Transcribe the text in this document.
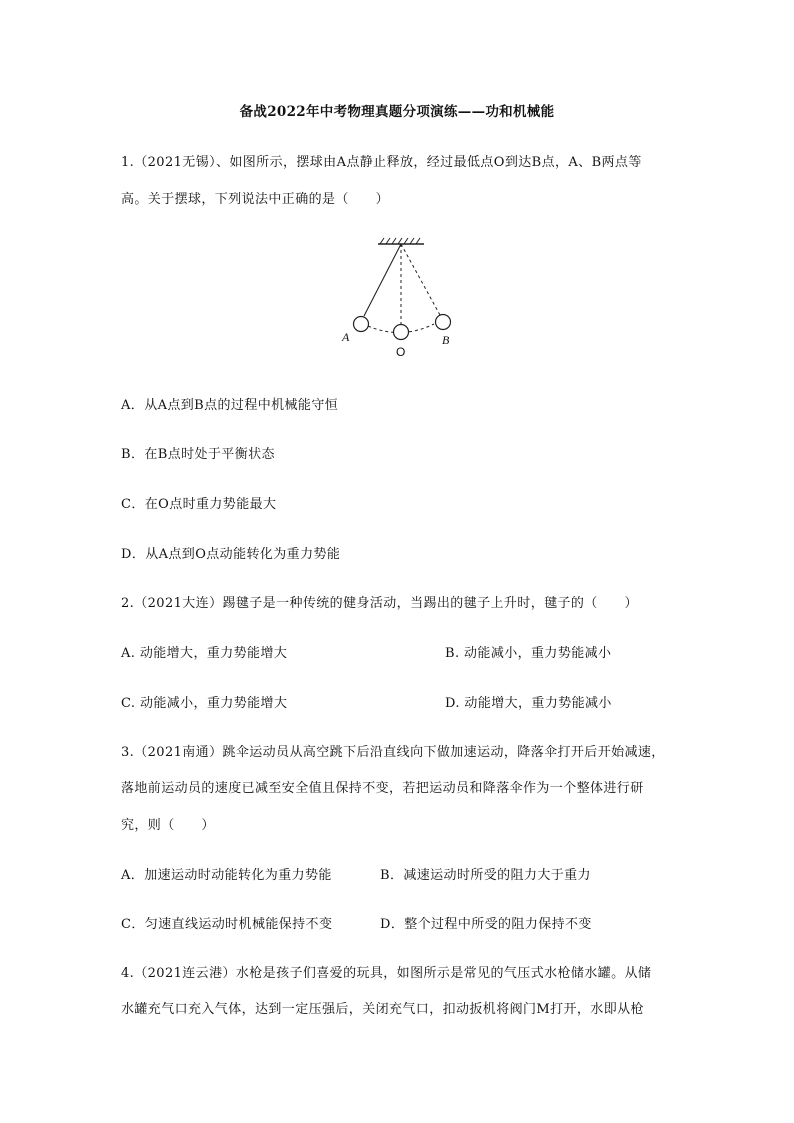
备战2022年中考物理真题分项演练——功和机械能
1.（2021无锡）、如图所示，摆球由A点静止释放，经过最低点O到达B点，A、B两点等
高。关于摆球，下列说法中正确的是（　　）
A
O
B
A．从A点到B点的过程中机械能守恒
B．在B点时处于平衡状态
C．在O点时重力势能最大
D．从A点到O点动能转化为重力势能
2.（2021大连）踢毽子是一种传统的健身活动，当踢出的毽子上升时，毽子的（　　）
A. 动能增大，重力势能增大	B. 动能减小，重力势能减小
C. 动能减小，重力势能增大	D. 动能增大，重力势能减小
3.（2021南通）跳伞运动员从高空跳下后沿直线向下做加速运动，降落伞打开后开始减速，
落地前运动员的速度已减至安全值且保持不变，若把运动员和降落伞作为一个整体进行研
究，则（　　）
A．加速运动时动能转化为重力势能	B．减速运动时所受的阻力大于重力
C．匀速直线运动时机械能保持不变	D．整个过程中所受的阻力保持不变
4.（2021连云港）水枪是孩子们喜爱的玩具，如图所示是常见的气压式水枪储水罐。从储
水罐充气口充入气体，达到一定压强后，关闭充气口，扣动扳机将阀门M打开，水即从枪
